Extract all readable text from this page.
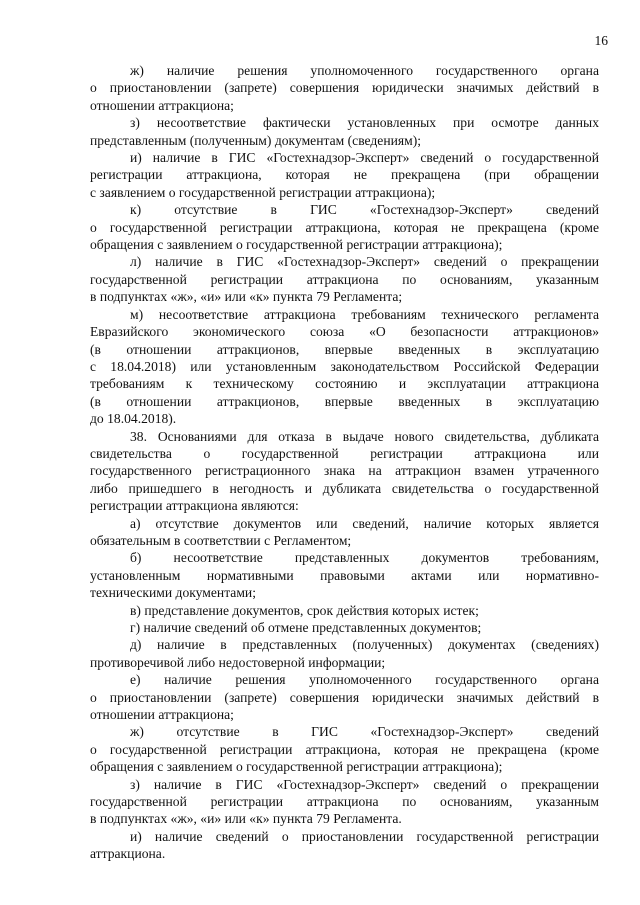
16
ж) наличие решения уполномоченного государственного органа
о приостановлении (запрете) совершения юридически значимых действий в
отношении аттракциона;
з) несоответствие фактически установленных при осмотре данных
представленным (полученным) документам (сведениям);
и) наличие в ГИС «Гостехнадзор-Эксперт» сведений о государственной
регистрации аттракциона, которая не прекращена (при обращении
с заявлением о государственной регистрации аттракциона);
к) отсутствие в ГИС «Гостехнадзор-Эксперт» сведений
о государственной регистрации аттракциона, которая не прекращена (кроме
обращения с заявлением о государственной регистрации аттракциона);
л) наличие в ГИС «Гостехнадзор-Эксперт» сведений о прекращении
государственной регистрации аттракциона по основаниям, указанным
в подпунктах «ж», «и» или «к» пункта 79 Регламента;
м) несоответствие аттракциона требованиям технического регламента
Евразийского экономического союза «О безопасности аттракционов»
(в отношении аттракционов, впервые введенных в эксплуатацию
с 18.04.2018) или установленным законодательством Российской Федерации
требованиям к техническому состоянию и эксплуатации аттракциона
(в отношении аттракционов, впервые введенных в эксплуатацию
до 18.04.2018).
38. Основаниями для отказа в выдаче нового свидетельства, дубликата
свидетельства о государственной регистрации аттракциона или
государственного регистрационного знака на аттракцион взамен утраченного
либо пришедшего в негодность и дубликата свидетельства о государственной
регистрации аттракциона являются:
а) отсутствие документов или сведений, наличие которых является
обязательным в соответствии с Регламентом;
б) несоответствие представленных документов требованиям,
установленным нормативными правовыми актами или нормативно-
техническими документами;
в) представление документов, срок действия которых истек;
г) наличие сведений об отмене представленных документов;
д) наличие в представленных (полученных) документах (сведениях)
противоречивой либо недостоверной информации;
е) наличие решения уполномоченного государственного органа
о приостановлении (запрете) совершения юридически значимых действий в
отношении аттракциона;
ж) отсутствие в ГИС «Гостехнадзор-Эксперт» сведений
о государственной регистрации аттракциона, которая не прекращена (кроме
обращения с заявлением о государственной регистрации аттракциона);
з) наличие в ГИС «Гостехнадзор-Эксперт» сведений о прекращении
государственной регистрации аттракциона по основаниям, указанным
в подпунктах «ж», «и» или «к» пункта 79 Регламента.
и) наличие сведений о приостановлении государственной регистрации
аттракциона.
